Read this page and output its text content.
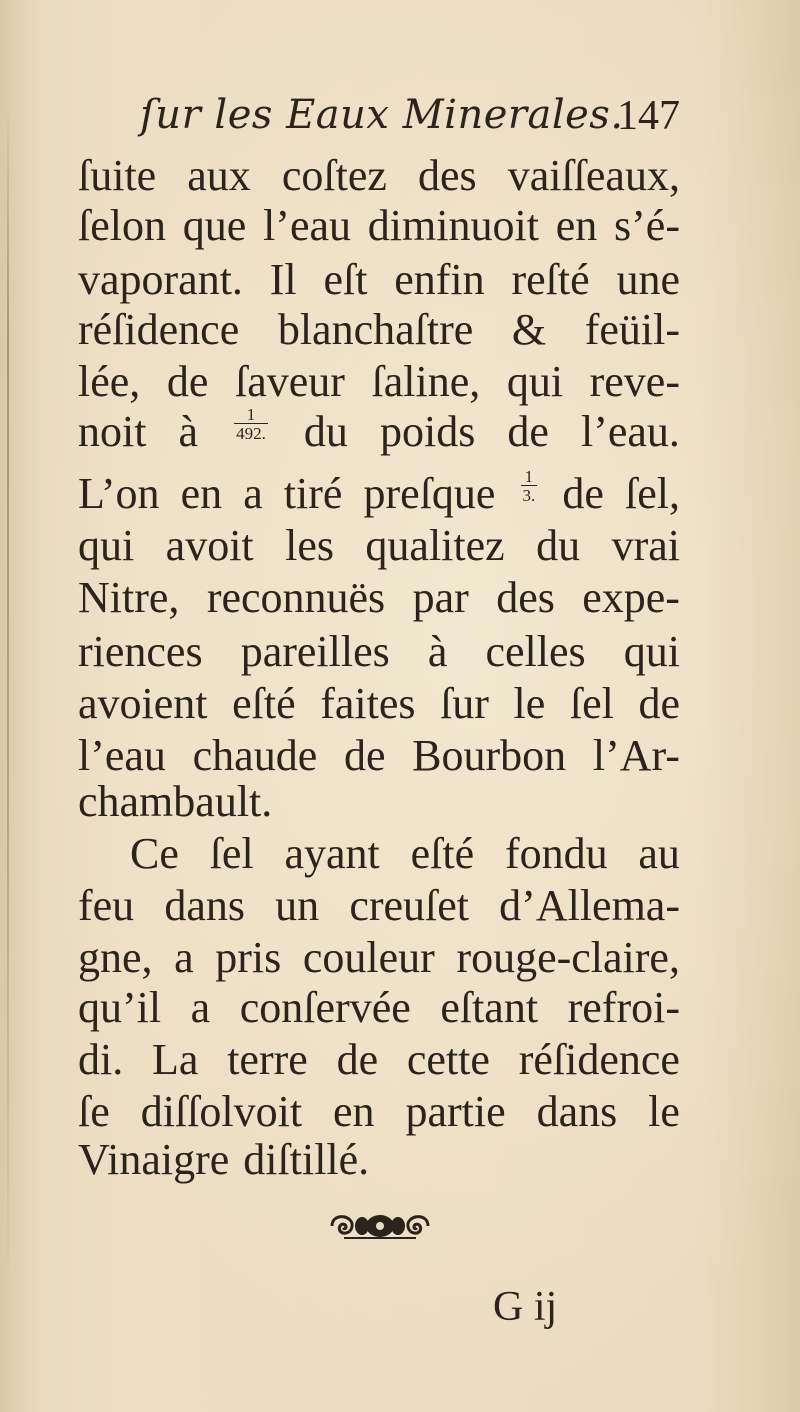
ſur les Eaux Minerales.
147
ſuite aux coſtez des vaiſſeaux,
ſelon que l’eau diminuoit en s’é-
vaporant. Il eſt enfin reſté une
réſidence blanchaſtre & feüil-
lée, de ſaveur ſaline, qui reve-
noit à $\frac{1}{492.}$ du poids de l’eau.
L’on en a tiré preſque $\frac{1}{3.}$ de ſel,
qui avoit les qualitez du vrai
Nitre, reconnuës par des expe-
riences pareilles à celles qui
avoient eſté faites ſur le ſel de
l’eau chaude de Bourbon l’Ar-
chambault.
Ce ſel ayant eſté fondu au
feu dans un creuſet d’Allema-
gne, a pris couleur rouge-claire,
qu’il a conſervée eſtant refroi-
di. La terre de cette réſidence
ſe diſſolvoit en partie dans le
Vinaigre diſtillé.
G ij
